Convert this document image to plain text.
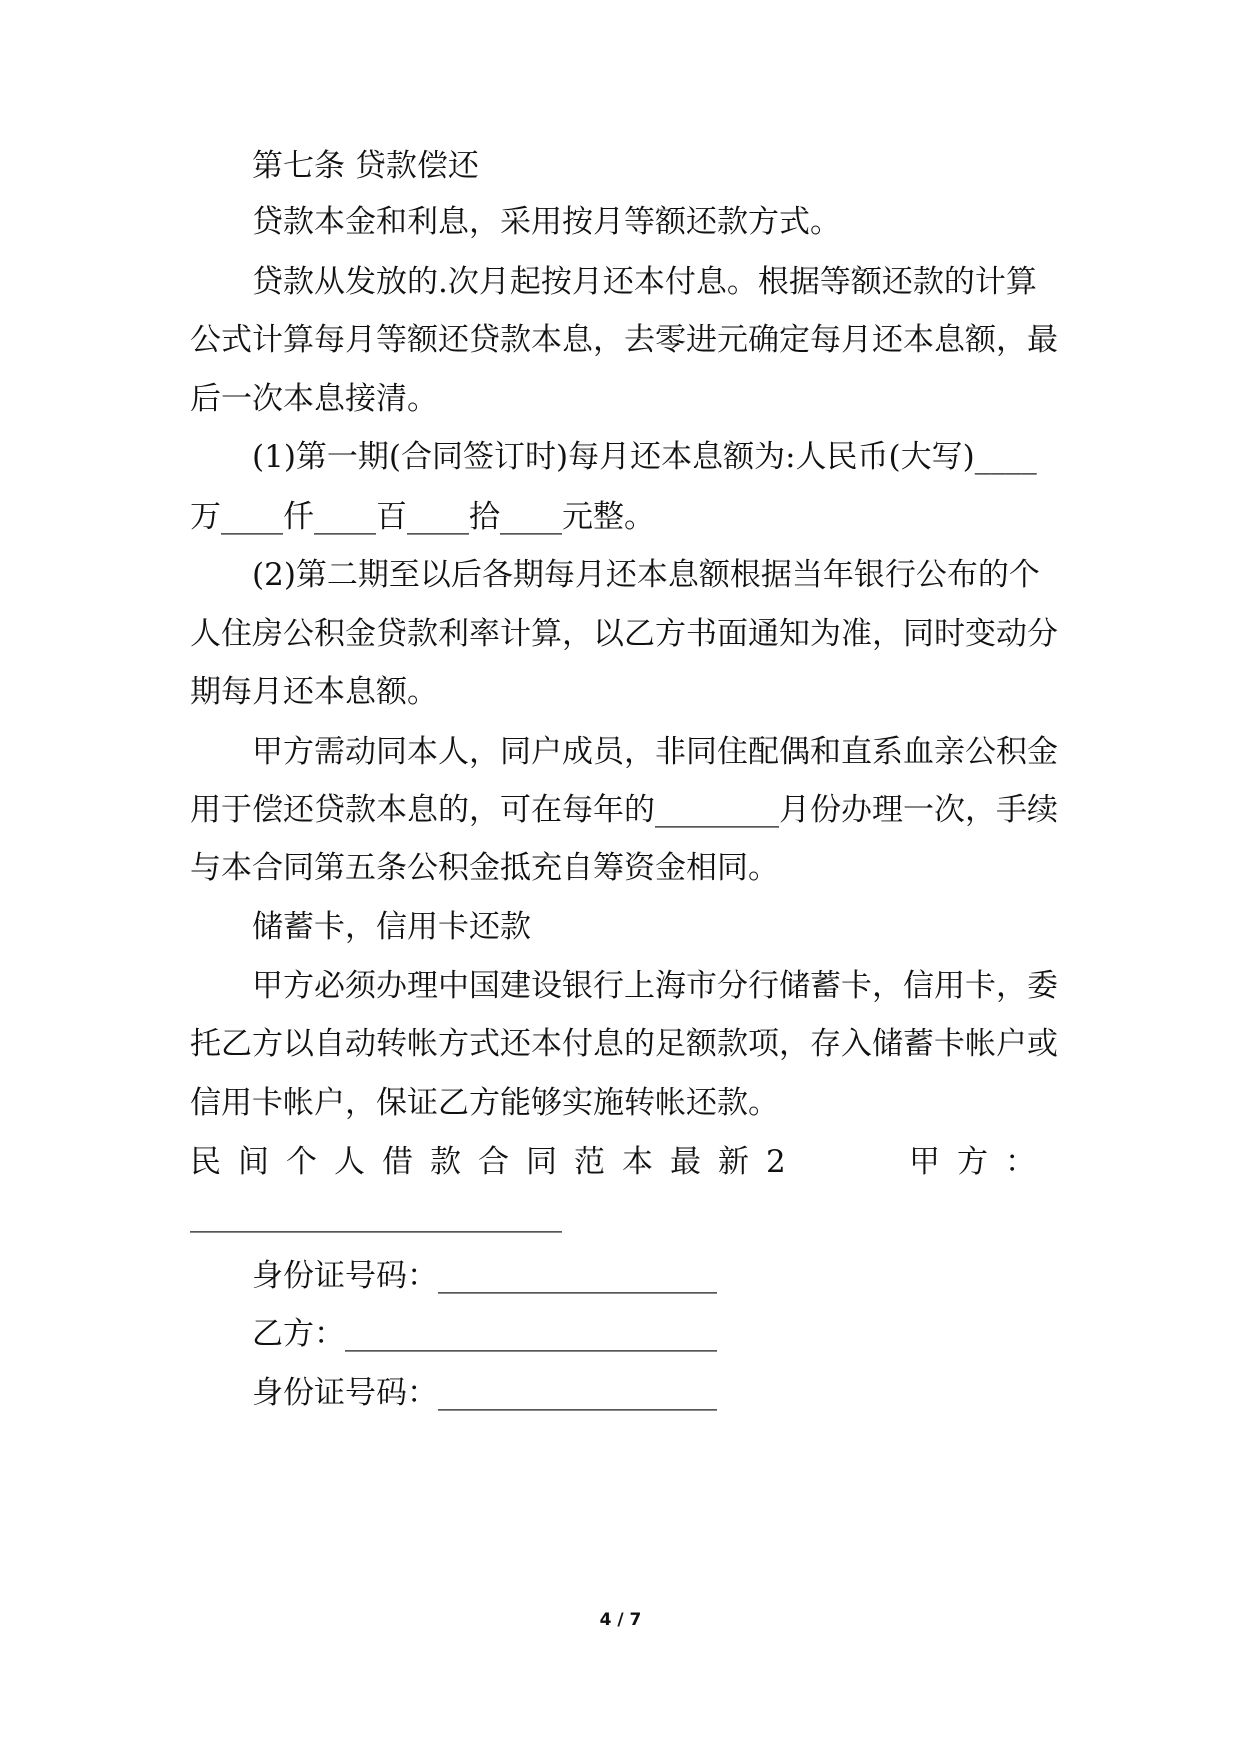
第七条 贷款偿还
贷款本金和利息，采用按月等额还款方式。
贷款从发放的.次月起按月还本付息。根据等额还款的计算
公式计算每月等额还贷款本息，去零进元确定每月还本息额，最
后一次本息接清。
(1)第一期(合同签订时)每月还本息额为:人民币(大写)____
万____仟____百____拾____元整。
(2)第二期至以后各期每月还本息额根据当年银行公布的个
人住房公积金贷款利率计算，以乙方书面通知为准，同时变动分
期每月还本息额。
甲方需动同本人，同户成员，非同住配偶和直系血亲公积金
用于偿还贷款本息的，可在每年的________月份办理一次，手续
与本合同第五条公积金抵充自筹资金相同。
储蓄卡，信用卡还款
甲方必须办理中国建设银行上海市分行储蓄卡，信用卡，委
托乙方以自动转帐方式还本付息的足额款项，存入储蓄卡帐户或
信用卡帐户，保证乙方能够实施转帐还款。
民间个人借款合同范本最新2	甲方：
________________________
身份证号码：__________________
乙方：________________________
身份证号码：__________________
4 / 7
